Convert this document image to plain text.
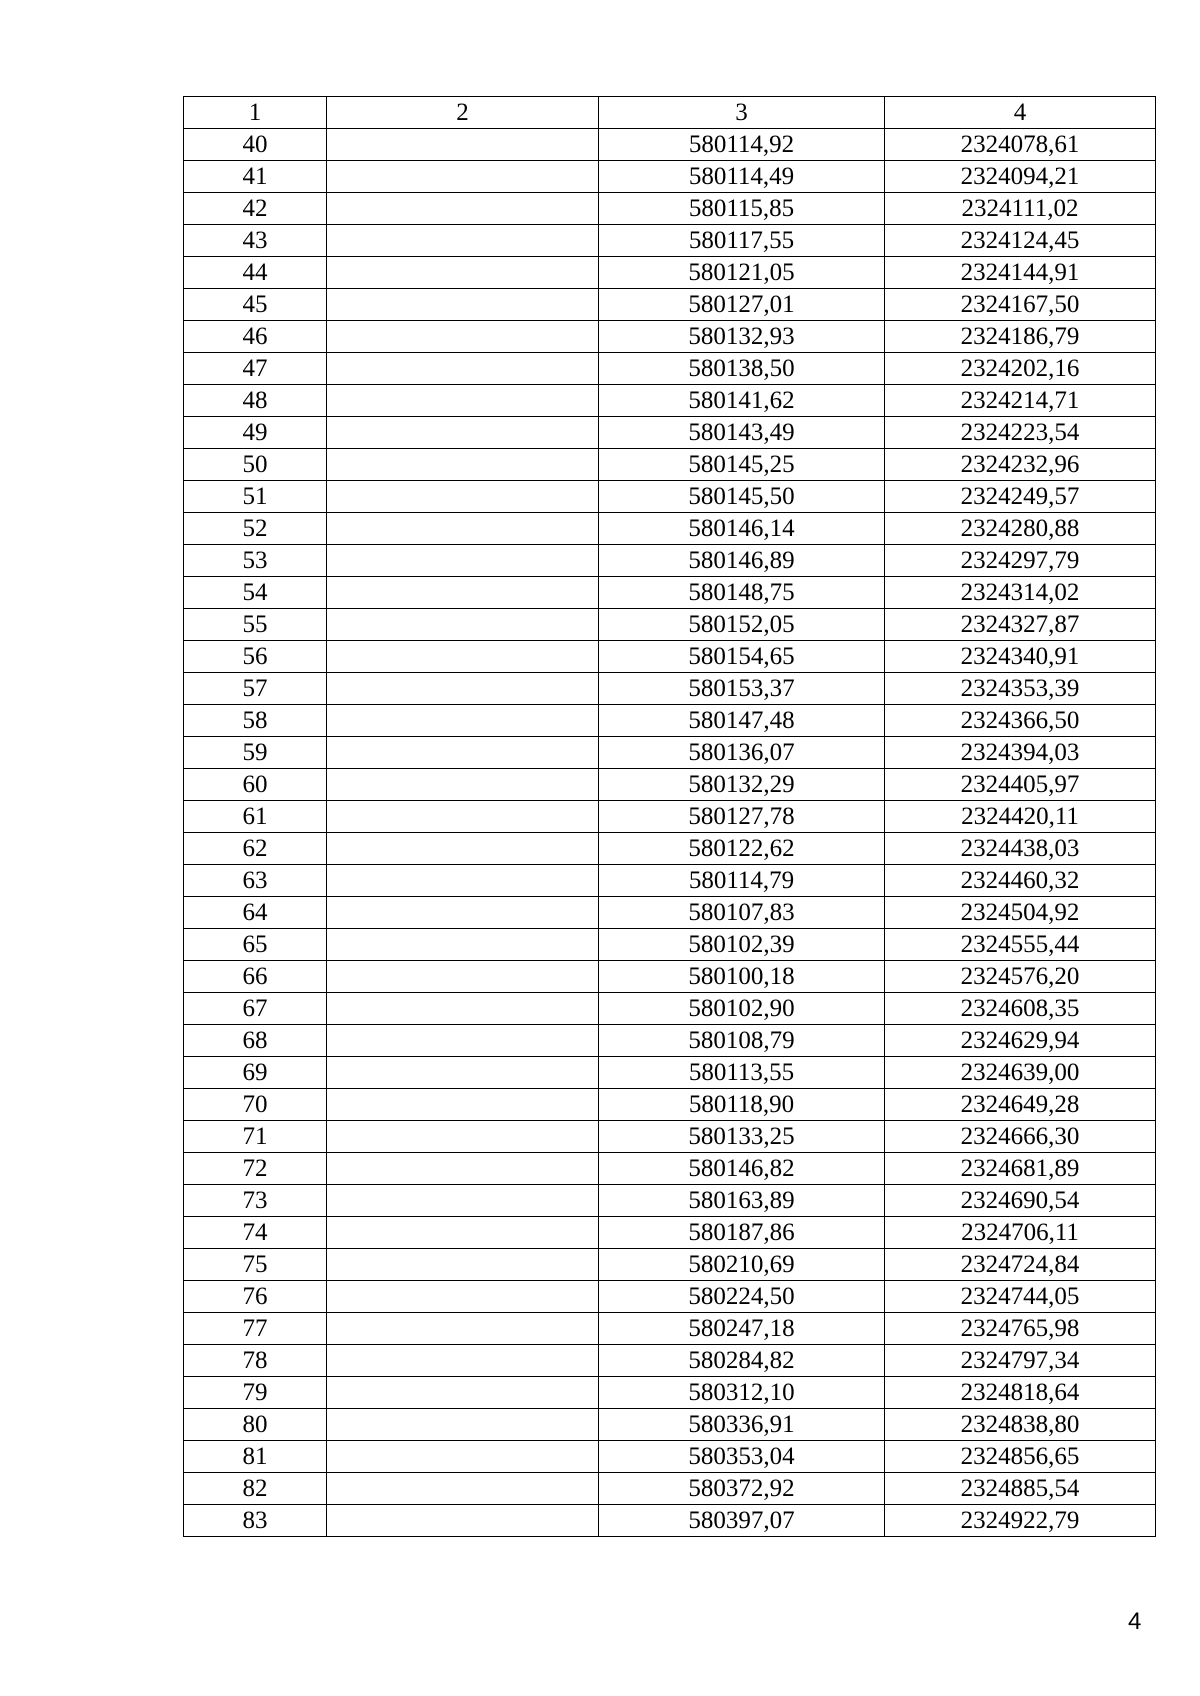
1	2	3	4
40		580114,92	2324078,61
41		580114,49	2324094,21
42		580115,85	2324111,02
43		580117,55	2324124,45
44		580121,05	2324144,91
45		580127,01	2324167,50
46		580132,93	2324186,79
47		580138,50	2324202,16
48		580141,62	2324214,71
49		580143,49	2324223,54
50		580145,25	2324232,96
51		580145,50	2324249,57
52		580146,14	2324280,88
53		580146,89	2324297,79
54		580148,75	2324314,02
55		580152,05	2324327,87
56		580154,65	2324340,91
57		580153,37	2324353,39
58		580147,48	2324366,50
59		580136,07	2324394,03
60		580132,29	2324405,97
61		580127,78	2324420,11
62		580122,62	2324438,03
63		580114,79	2324460,32
64		580107,83	2324504,92
65		580102,39	2324555,44
66		580100,18	2324576,20
67		580102,90	2324608,35
68		580108,79	2324629,94
69		580113,55	2324639,00
70		580118,90	2324649,28
71		580133,25	2324666,30
72		580146,82	2324681,89
73		580163,89	2324690,54
74		580187,86	2324706,11
75		580210,69	2324724,84
76		580224,50	2324744,05
77		580247,18	2324765,98
78		580284,82	2324797,34
79		580312,10	2324818,64
80		580336,91	2324838,80
81		580353,04	2324856,65
82		580372,92	2324885,54
83		580397,07	2324922,79
4
